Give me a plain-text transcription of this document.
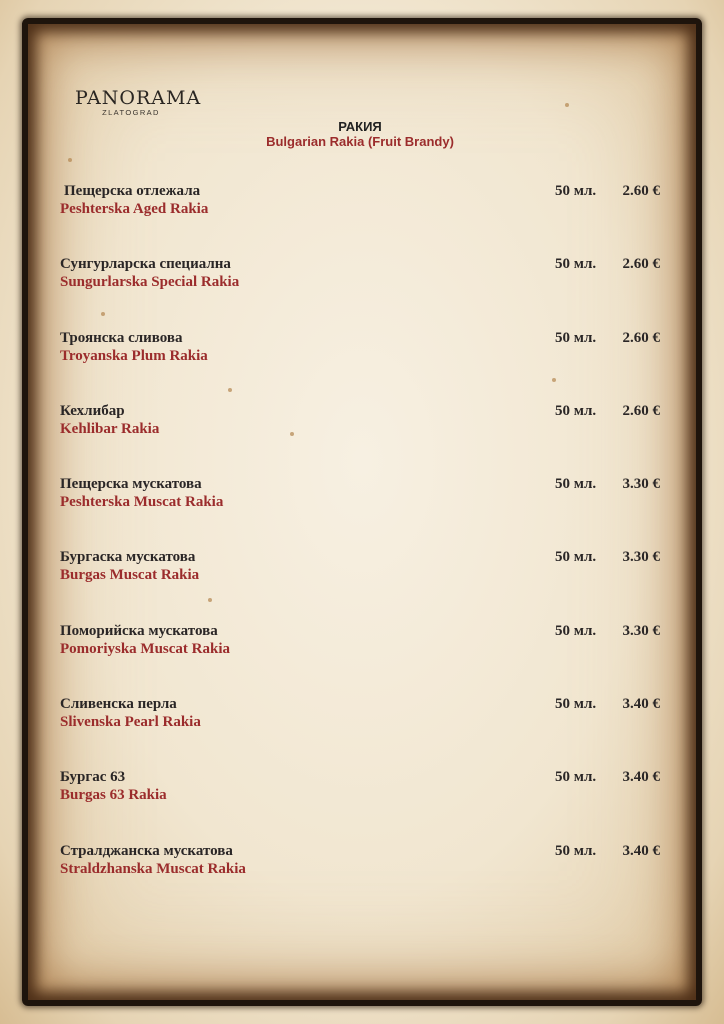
PANORAMA
ZLATOGRAD
РАКИЯ
Bulgarian Rakia (Fruit Brandy)
Пещерска отлежала
Peshterska Aged Rakia
50 мл. 2.60 €
Сунгурларска специална
Sungurlarska Special Rakia
50 мл. 2.60 €
Троянска сливова
Troyanska Plum Rakia
50 мл. 2.60 €
Кехлибар
Kehlibar Rakia
50 мл. 2.60 €
Пещерска мускатова
Peshterska Muscat Rakia
50 мл. 3.30 €
Бургаска мускатова
Burgas Muscat Rakia
50 мл. 3.30 €
Поморийска мускатова
Pomoriyska Muscat Rakia
50 мл. 3.30 €
Сливенска перла
Slivenska Pearl Rakia
50 мл. 3.40 €
Бургас 63
Burgas 63 Rakia
50 мл. 3.40 €
Стралджанска мускатова
Straldzhanska Muscat Rakia
50 мл. 3.40 €
